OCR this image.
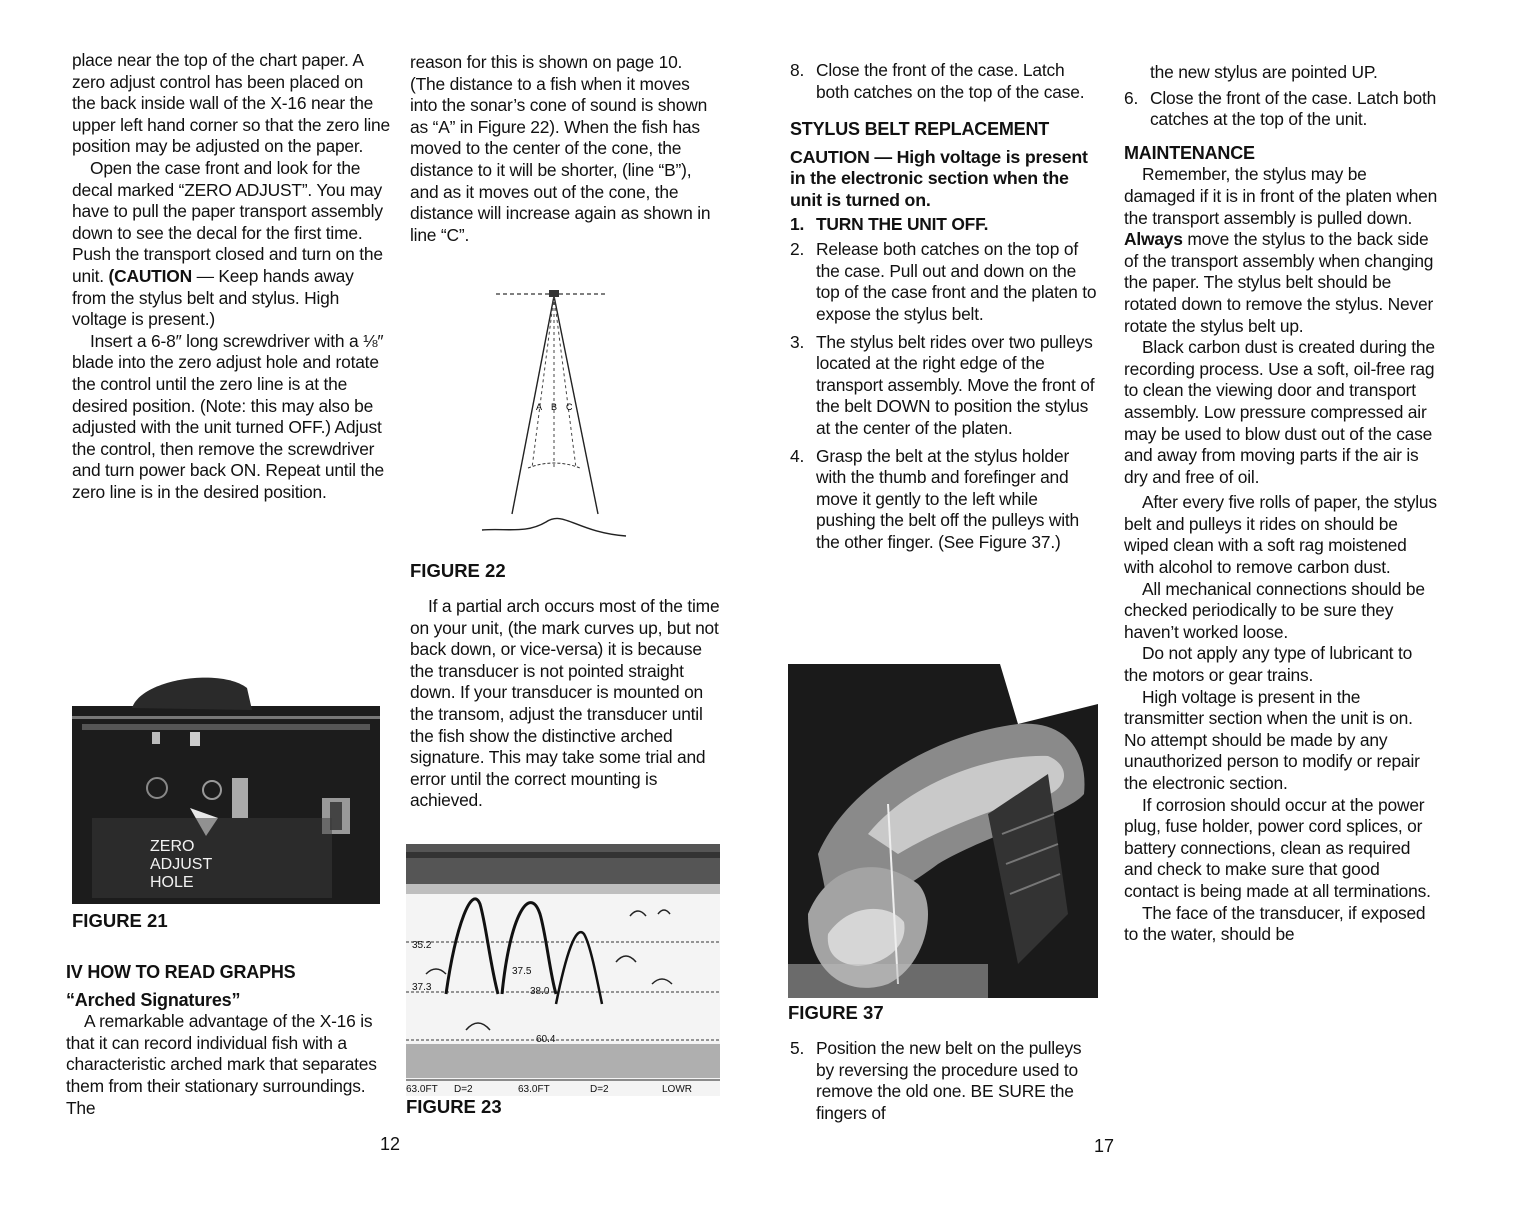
place near the top of the chart paper. A zero adjust control has been placed on the back inside wall of the X-16 near the upper left hand corner so that the zero line position may be adjusted on the paper.

Open the case front and look for the decal marked “ZERO ADJUST”. You may have to pull the paper transport assembly down to see the decal for the first time. Push the transport closed and turn on the unit. (CAUTION — Keep hands away from the stylus belt and stylus. High voltage is present.)

Insert a 6-8″ long screwdriver with a ⅛″ blade into the zero adjust hole and rotate the control until the zero line is at the desired position. (Note: this may also be adjusted with the unit turned OFF.) Adjust the control, then remove the screwdriver and turn power back ON. Repeat until the zero line is in the desired position.

ZERO
ADJUST
HOLE
FIGURE 21

IV HOW TO READ GRAPHS

“Arched Signatures”

A remarkable advantage of the X-16 is that it can record individual fish with a characteristic arched mark that separates them from their stationary surroundings. The

reason for this is shown on page 10. (The distance to a fish when it moves into the sonar’s cone of sound is shown as “A” in Figure 22). When the fish has moved to the center of the cone, the distance to it will be shorter, (line “B”), and as it moves out of the cone, the distance will increase again as shown in line “C”.

A B C
FIGURE 22

If a partial arch occurs most of the time on your unit, (the mark curves up, but not back down, or vice-versa) it is because the transducer is not pointed straight down. If your transducer is mounted on the transom, adjust the transducer until the fish show the distinctive arched signature. This may take some trial and error until the correct mounting is achieved.

35.2
37.5
37.3	38.0
60.4
63.0FT D=2	63.0FT	D=2	LOWR
FIGURE 23
12
8. Close the front of the case. Latch both catches on the top of the case.

STYLUS BELT REPLACEMENT

CAUTION — High voltage is present in the electronic section when the unit is turned on.

1. TURN THE UNIT OFF.
2. Release both catches on the top of the case. Pull out and down on the top of the case front and the platen to expose the stylus belt.
3. The stylus belt rides over two pulleys located at the right edge of the transport assembly. Move the front of the belt DOWN to position the stylus at the center of the platen.
4. Grasp the belt at the stylus holder with the thumb and forefinger and move it gently to the left while pushing the belt off the pulleys with the other finger. (See Figure 37.)
FIGURE 37
5. Position the new belt on the pulleys by reversing the procedure used to remove the old one. BE SURE the fingers of
17

the new stylus are pointed UP.

6. Close the front of the case. Latch both catches at the top of the unit.

MAINTENANCE

Remember, the stylus may be damaged if it is in front of the platen when the transport assembly is pulled down. Always move the stylus to the back side of the transport assembly when changing the paper. The stylus belt should be rotated down to remove the stylus. Never rotate the stylus belt up.

Black carbon dust is created during the recording process. Use a soft, oil-free rag to clean the viewing door and transport assembly. Low pressure compressed air may be used to blow dust out of the case and away from moving parts if the air is dry and free of oil.

After every five rolls of paper, the stylus belt and pulleys it rides on should be wiped clean with a soft rag moistened with alcohol to remove carbon dust.

All mechanical connections should be checked periodically to be sure they haven’t worked loose.

Do not apply any type of lubricant to the motors or gear trains.

High voltage is present in the transmitter section when the unit is on. No attempt should be made by any unauthorized person to modify or repair the electronic section.

If corrosion should occur at the power plug, fuse holder, power cord splices, or battery connections, clean as required and check to make sure that good contact is being made at all terminations.

The face of the transducer, if exposed to the water, should be
